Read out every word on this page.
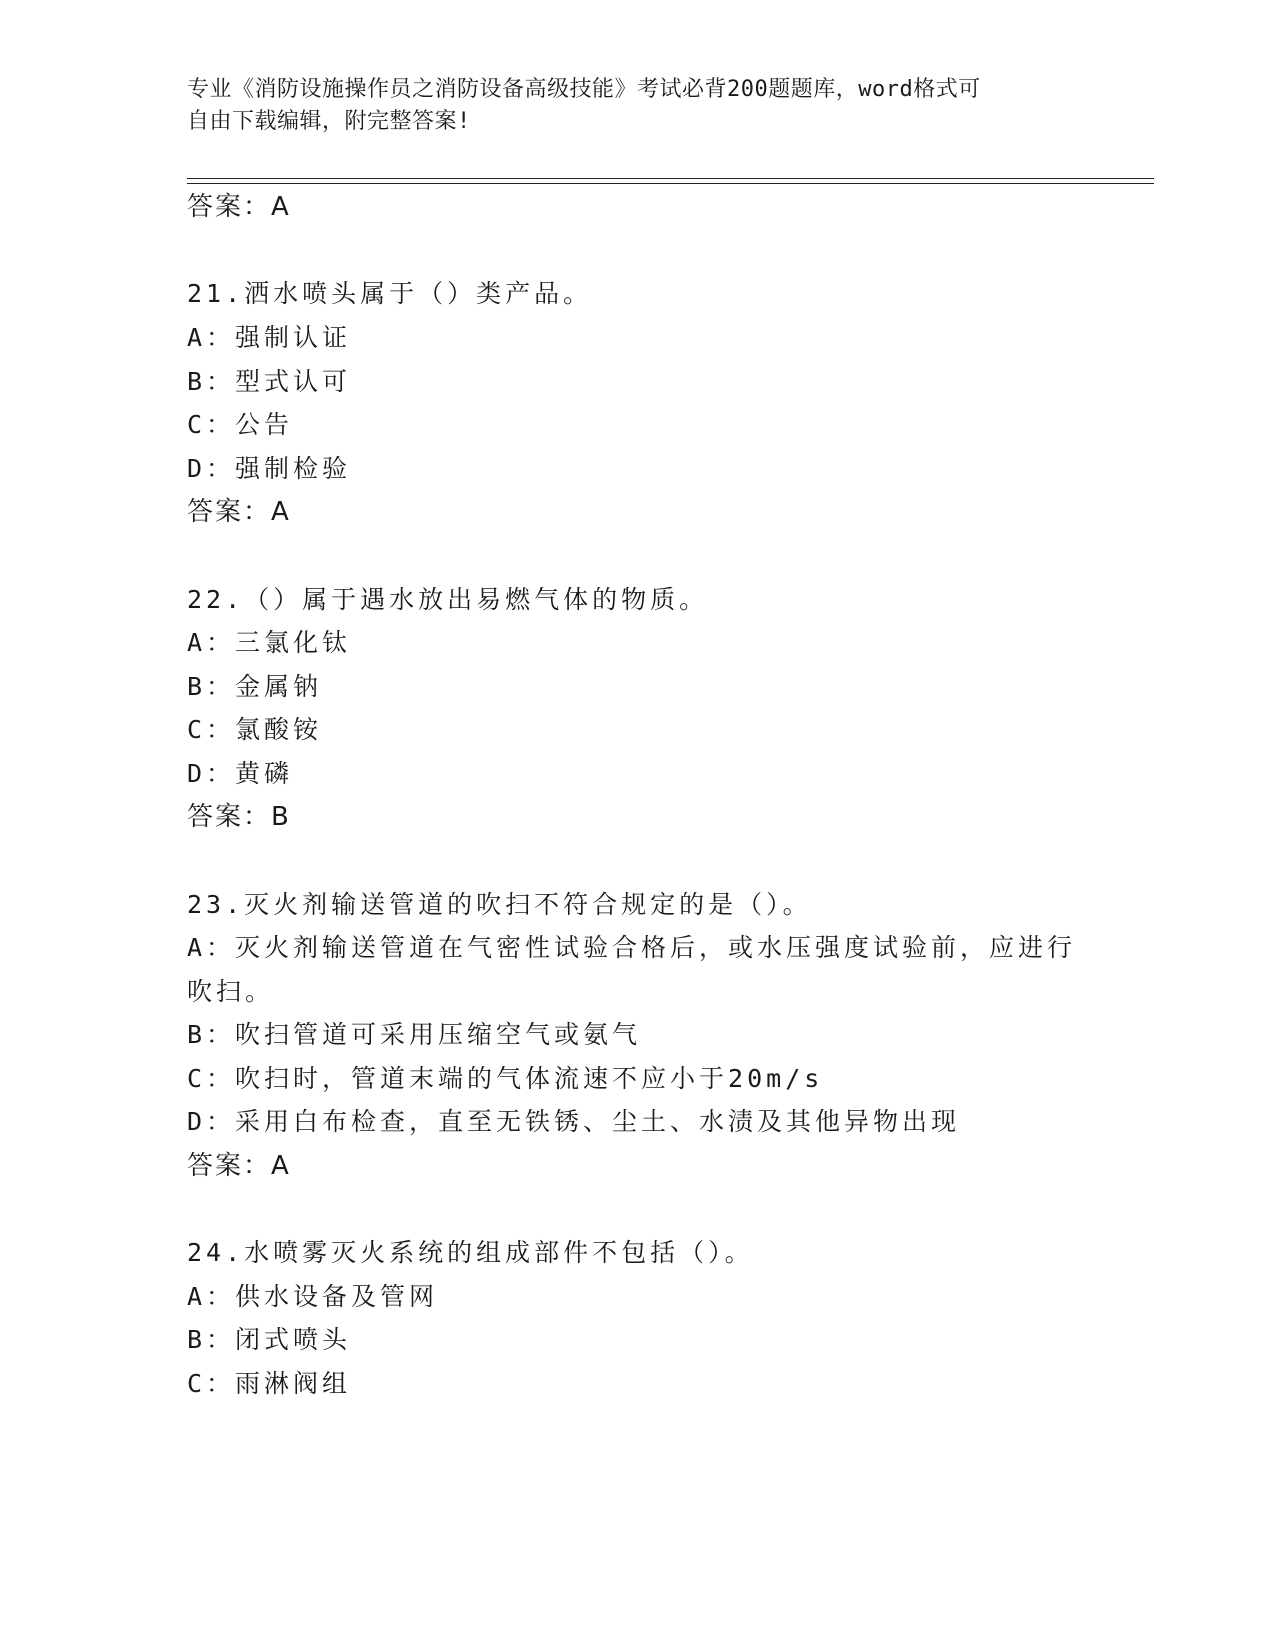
专业《消防设施操作员之消防设备高级技能》考试必背200题题库，word格式可
自由下载编辑，附完整答案!
答案：A
21.洒水喷头属于（）类产品。
A：强制认证
B：型式认可
C：公告
D：强制检验
答案：A
22.（）属于遇水放出易燃气体的物质。
A：三氯化钛
B：金属钠
C：氯酸铵
D：黄磷
答案：B
23.灭火剂输送管道的吹扫不符合规定的是（）。
A：灭火剂输送管道在气密性试验合格后，或水压强度试验前，应进行
吹扫。
B：吹扫管道可采用压缩空气或氨气
C：吹扫时，管道末端的气体流速不应小于20m/s
D：采用白布检查，直至无铁锈、尘土、水渍及其他异物出现
答案：A
24.水喷雾灭火系统的组成部件不包括（）。
A：供水设备及管网
B：闭式喷头
C：雨淋阀组
